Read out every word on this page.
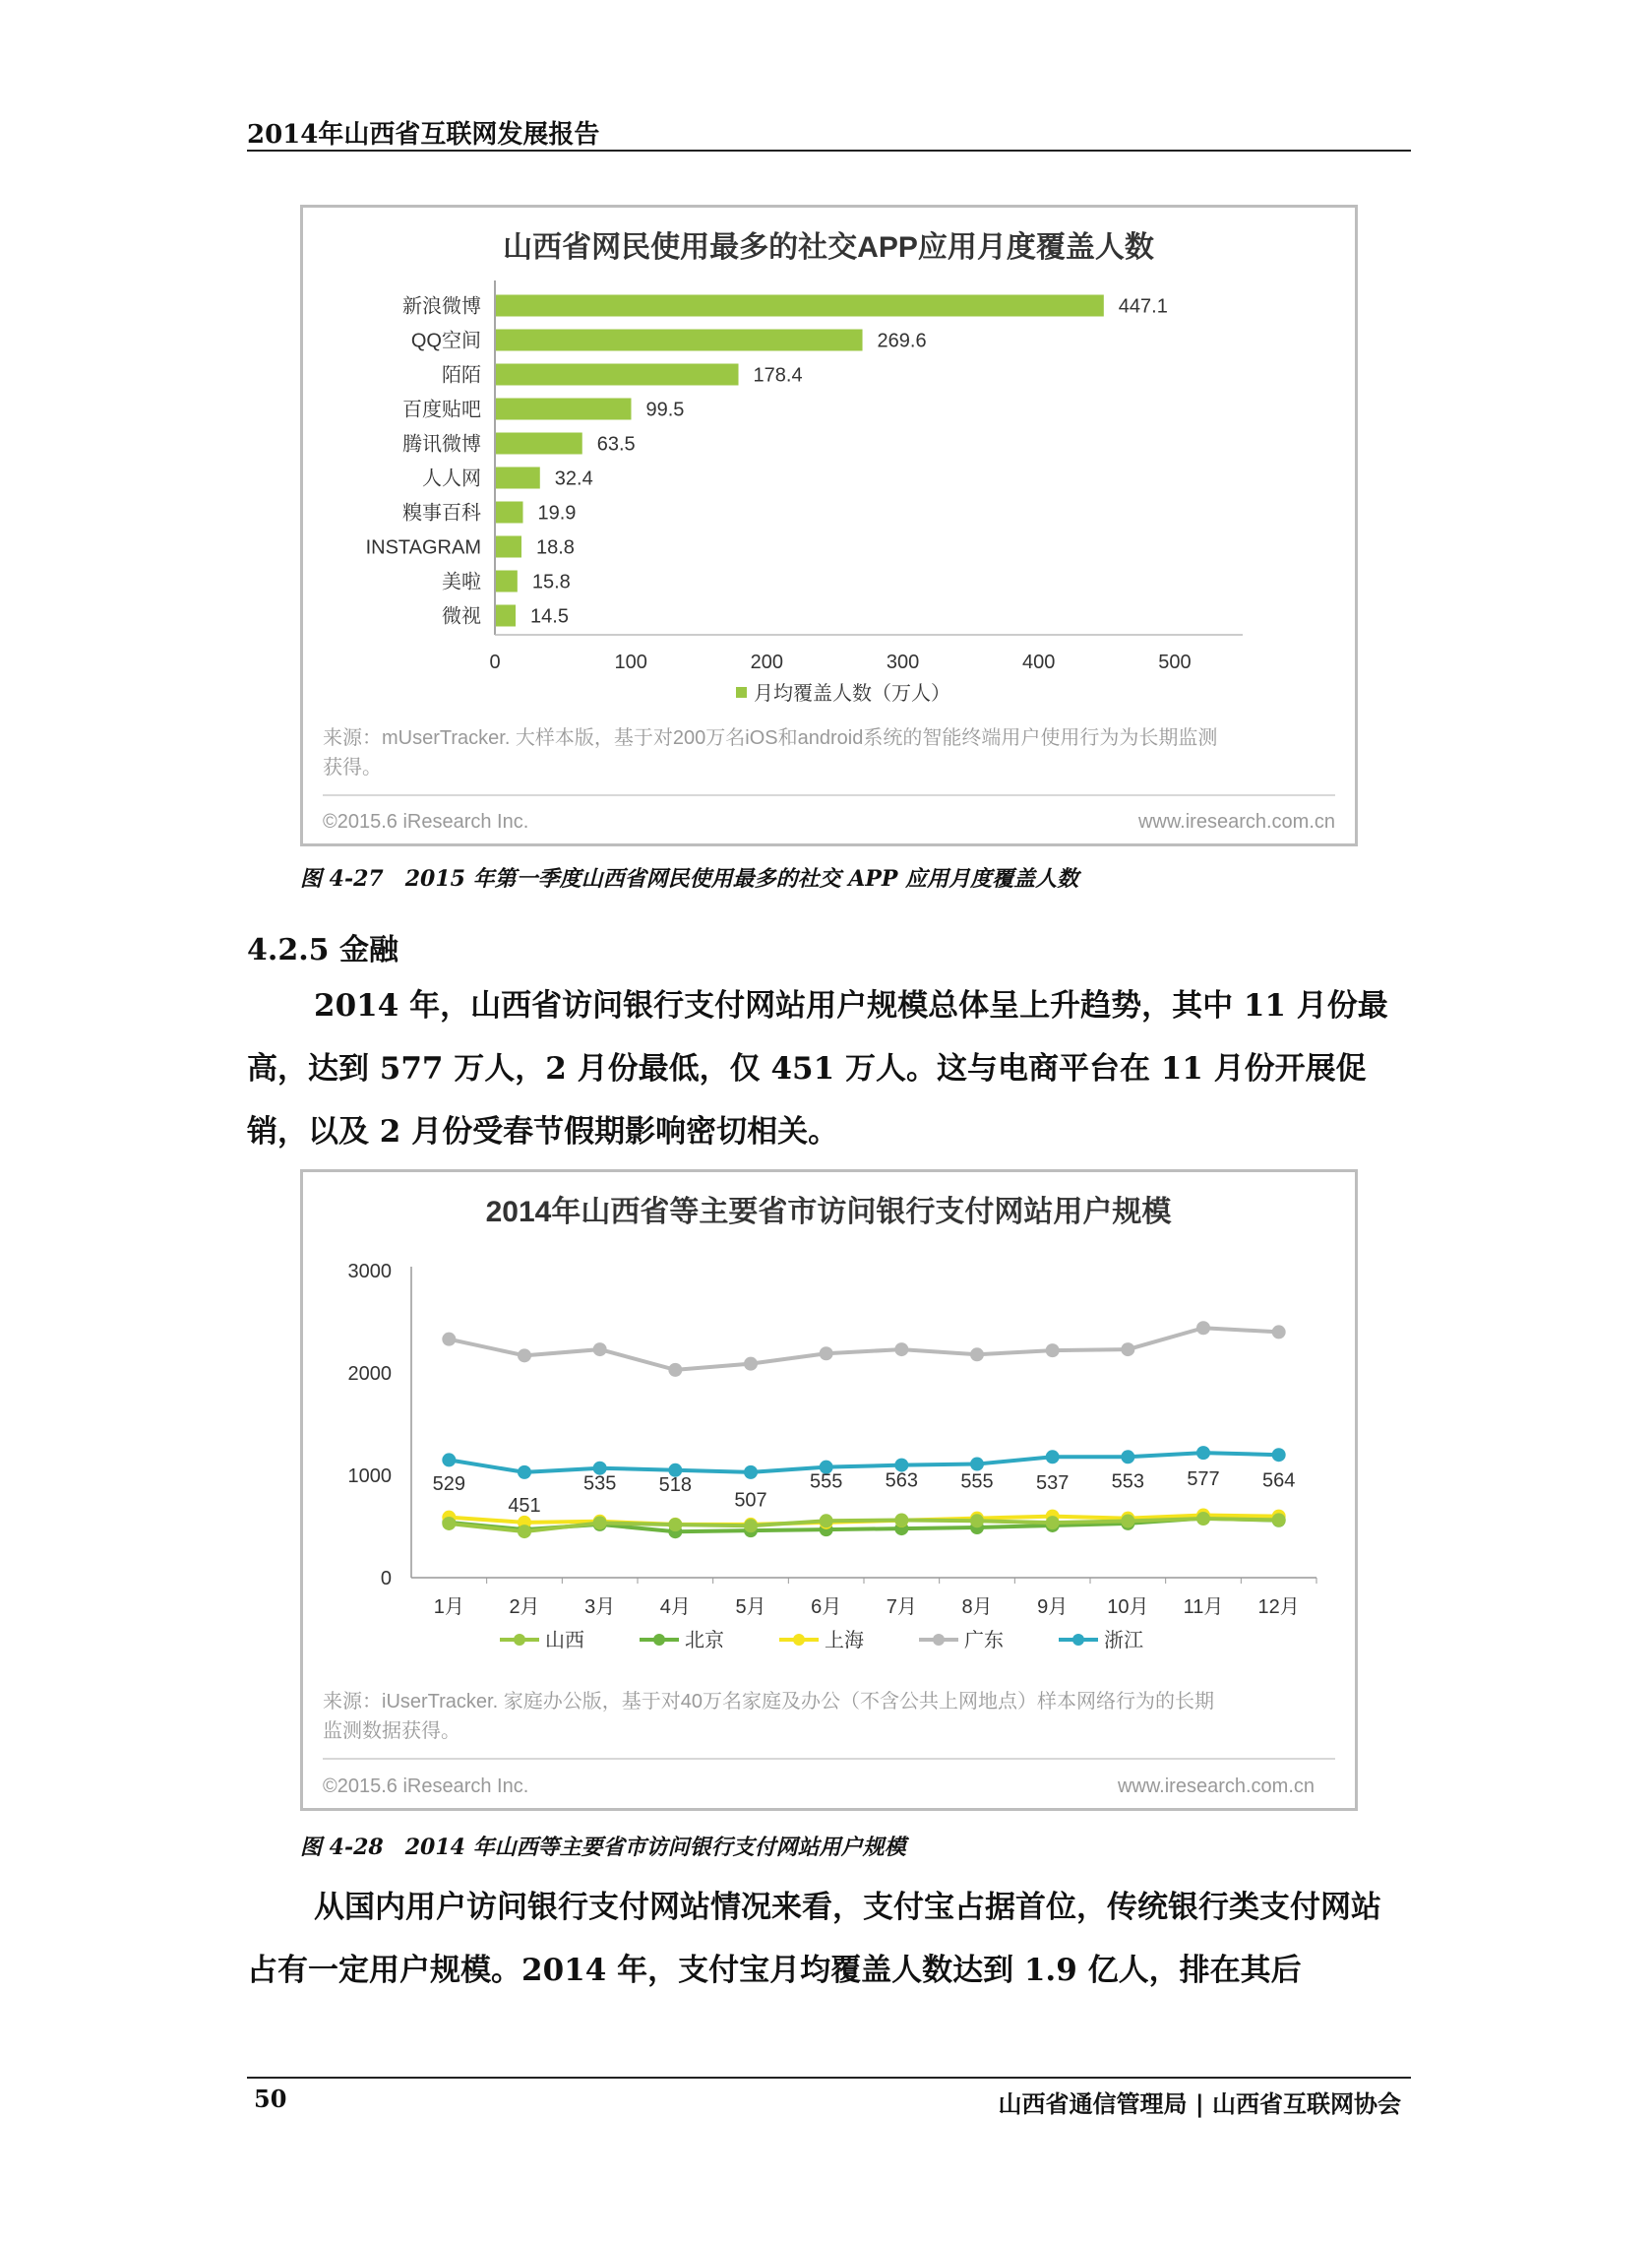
2014年山西省互联网发展报告
山西省网民使用最多的社交APP应用月度覆盖人数
新浪微博	447.1
QQ空间	269.6
陌陌	178.4
百度贴吧	99.5
腾讯微博	63.5
人人网	32.4
糗事百科	19.9
INSTAGRAM	18.8
美啦	15.8
微视	14.5
0	100	200	300	400	500
月均覆盖人数（万人）
来源：mUserTracker. 大样本版，基于对200万名iOS和android系统的智能终端用户使用行为为长期监测
获得。
©2015.6 iResearch Inc.	www.iresearch.com.cn
图 4-27　2015 年第一季度山西省网民使用最多的社交 APP 应用月度覆盖人数
4.2.5 金融

2014 年，山西省访问银行支付网站用户规模总体呈上升趋势，其中 11 月份最高，达到 577 万人，2 月份最低，仅 451 万人。这与电商平台在 11 月份开展促销，以及 2 月份受春节假期影响密切相关。

2014年山西省等主要省市访问银行支付网站用户规模
0
1000
2000
3000
1月 2月 3月 4月 5月 6月 7月 8月 9月 10月 11月 12月
529
451
535 518
507
555 563 555 537 553 577 564
山西	北京	上海	广东	浙江
来源：iUserTracker. 家庭办公版，基于对40万名家庭及办公（不含公共上网地点）样本网络行为的长期
监测数据获得。
©2015.6 iResearch Inc.	www.iresearch.com.cn
图 4-28　2014 年山西等主要省市访问银行支付网站用户规模

从国内用户访问银行支付网站情况来看，支付宝占据首位，传统银行类支付网站占有一定用户规模。2014 年，支付宝月均覆盖人数达到 1.9 亿人，排在其后

50	山西省通信管理局 | 山西省互联网协会
